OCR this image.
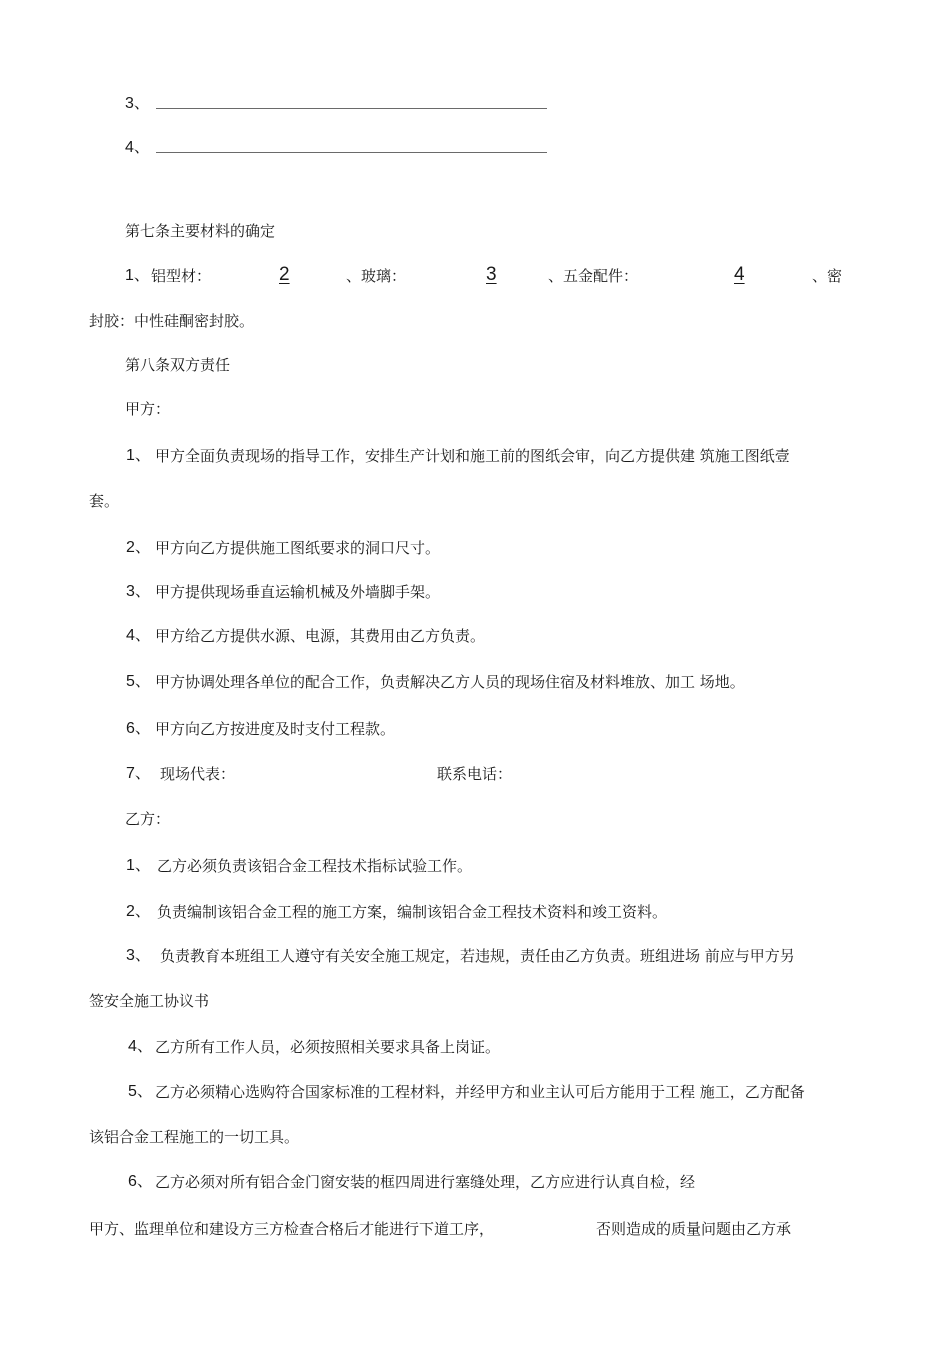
3、
4、
第七条主要材料的确定
1、 铝型材：	2	、玻璃：	3	、五金配件：	4	、密
封胶：中性硅酮密封胶。
第八条双方责任
甲方：
1、 甲方全面负责现场的指导工作，安排生产计划和施工前的图纸会审，向乙方提供建 筑施工图纸壹
套。
2、 甲方向乙方提供施工图纸要求的洞口尺寸。
3、 甲方提供现场垂直运输机械及外墙脚手架。
4、 甲方给乙方提供水源、电源，其费用由乙方负责。
5、 甲方协调处理各单位的配合工作，负责解决乙方人员的现场住宿及材料堆放、加工 场地。
6、 甲方向乙方按进度及时支付工程款。
7、 现场代表：	联系电话：
乙方：
1、 乙方必须负责该铝合金工程技术指标试验工作。
2、 负责编制该铝合金工程的施工方案，编制该铝合金工程技术资料和竣工资料。
3、 负责教育本班组工人遵守有关安全施工规定，若违规，责任由乙方负责。班组进场 前应与甲方另
签安全施工协议书
4、 乙方所有工作人员，必须按照相关要求具备上岗证。
5、 乙方必须精心选购符合国家标准的工程材料，并经甲方和业主认可后方能用于工程 施工，乙方配备
该铝合金工程施工的一切工具。
6、 乙方必须对所有铝合金门窗安装的框四周进行塞缝处理，乙方应进行认真自检，经
甲方、监理单位和建设方三方检查合格后才能进行下道工序，	否则造成的质量问题由乙方承
